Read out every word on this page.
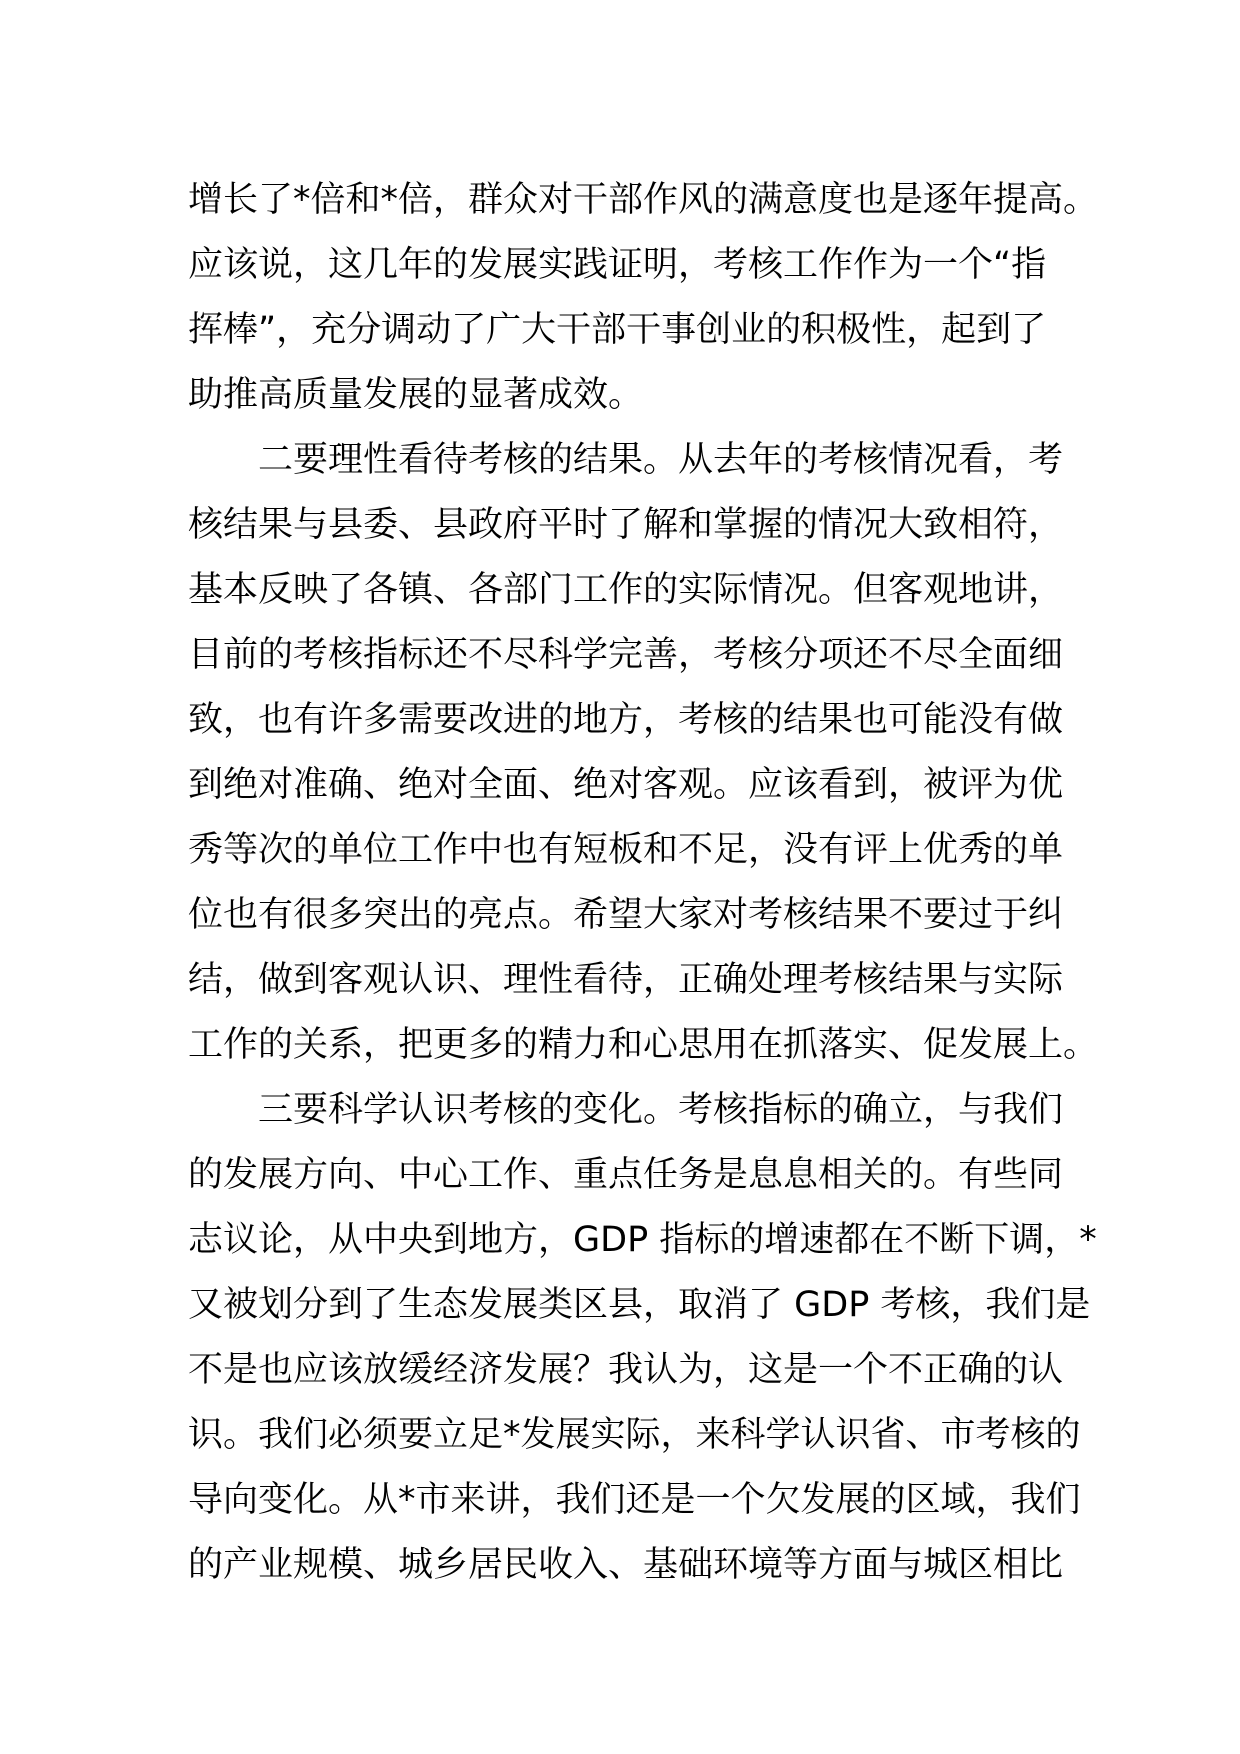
增长了*倍和*倍，群众对干部作风的满意度也是逐年提高。
应该说，这几年的发展实践证明，考核工作作为一个“指
挥棒”，充分调动了广大干部干事创业的积极性，起到了
助推高质量发展的显著成效。
二要理性看待考核的结果。从去年的考核情况看，考
核结果与县委、县政府平时了解和掌握的情况大致相符，
基本反映了各镇、各部门工作的实际情况。但客观地讲，
目前的考核指标还不尽科学完善，考核分项还不尽全面细
致，也有许多需要改进的地方，考核的结果也可能没有做
到绝对准确、绝对全面、绝对客观。应该看到，被评为优
秀等次的单位工作中也有短板和不足，没有评上优秀的单
位也有很多突出的亮点。希望大家对考核结果不要过于纠
结，做到客观认识、理性看待，正确处理考核结果与实际
工作的关系，把更多的精力和心思用在抓落实、促发展上。
三要科学认识考核的变化。考核指标的确立，与我们
的发展方向、中心工作、重点任务是息息相关的。有些同
志议论，从中央到地方，GDP 指标的增速都在不断下调，*
又被划分到了生态发展类区县，取消了 GDP 考核，我们是
不是也应该放缓经济发展？我认为，这是一个不正确的认
识。我们必须要立足*发展实际，来科学认识省、市考核的
导向变化。从*市来讲，我们还是一个欠发展的区域，我们
的产业规模、城乡居民收入、基础环境等方面与城区相比
